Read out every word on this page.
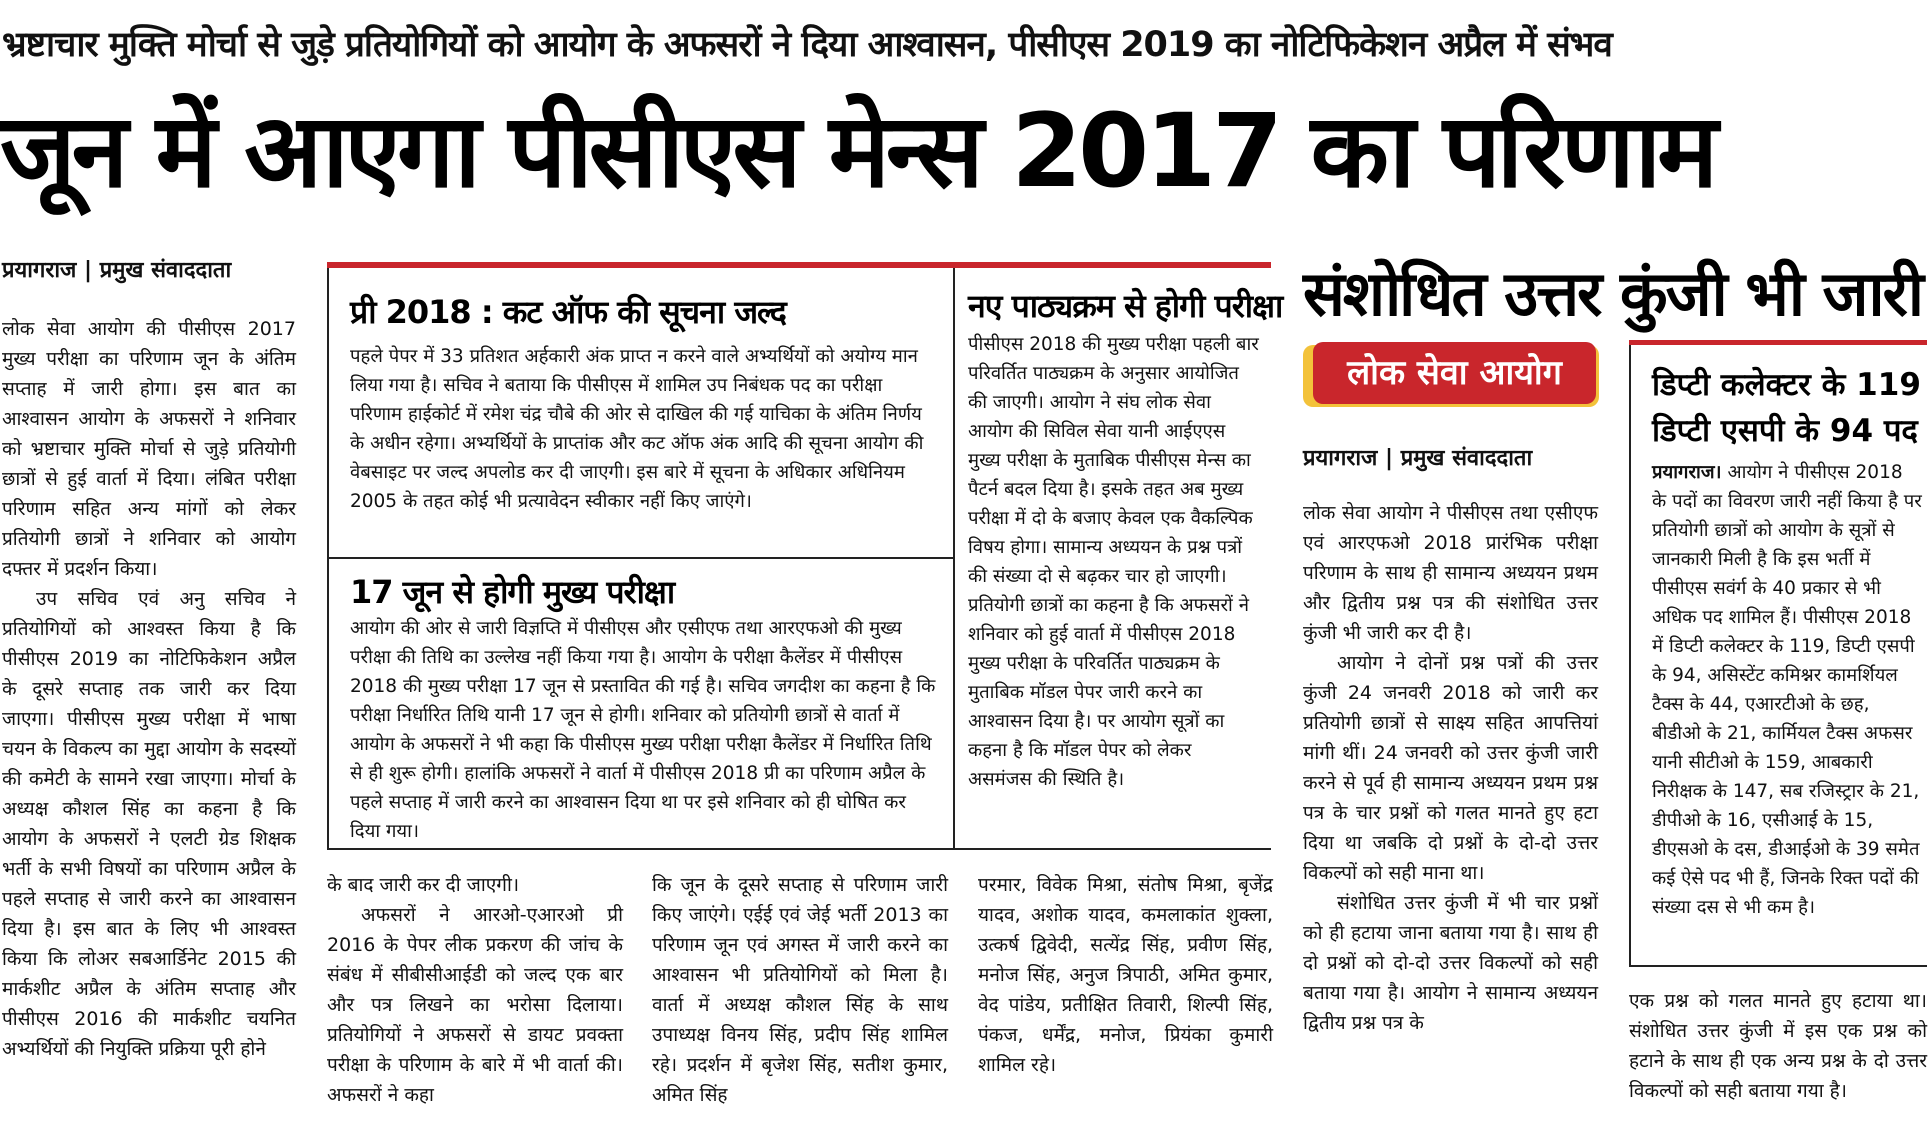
भ्रष्टाचार मुक्ति मोर्चा से जुड़े प्रतियोगियों को आयोग के अफसरों ने दिया आश्वासन, पीसीएस 2019 का नोटिफिकेशन अप्रैल में संभव
जून में आएगा पीसीएस मेन्स 2017 का परिणाम
प्रयागराज | प्रमुख संवाददाता

लोक सेवा आयोग की पीसीएस 2017 मुख्य परीक्षा का परिणाम जून के अंतिम सप्ताह में जारी होगा। इस बात का आश्वासन आयोग के अफसरों ने शनिवार को भ्रष्टाचार मुक्ति मोर्चा से जुड़े प्रतियोगी छात्रों से हुई वार्ता में दिया। लंबित परीक्षा परिणाम सहित अन्य मांगों को लेकर प्रतियोगी छात्रों ने शनिवार को आयोग दफ्तर में प्रदर्शन किया।

उप सचिव एवं अनु सचिव ने प्रतियोगियों को आश्वस्त किया है कि पीसीएस 2019 का नोटिफिकेशन अप्रैल के दूसरे सप्ताह तक जारी कर दिया जाएगा। पीसीएस मुख्य परीक्षा में भाषा चयन के विकल्प का मुद्दा आयोग के सदस्यों की कमेटी के सामने रखा जाएगा। मोर्चा के अध्यक्ष कौशल सिंह का कहना है कि आयोग के अफसरों ने एलटी ग्रेड शिक्षक भर्ती के सभी विषयों का परिणाम अप्रैल के पहले सप्ताह से जारी करने का आश्वासन दिया है। इस बात के लिए भी आश्वस्त किया कि लोअर सबआर्डिनेट 2015 की मार्कशीट अप्रैल के अंतिम सप्ताह और पीसीएस 2016 की मार्कशीट चयनित अभ्यर्थियों की नियुक्ति प्रक्रिया पूरी होने

प्री 2018 : कट ऑफ की सूचना जल्द
पहले पेपर में 33 प्रतिशत अर्हकारी अंक प्राप्त न करने वाले अभ्यर्थियों को अयोग्य मान लिया गया है। सचिव ने बताया कि पीसीएस में शामिल उप निबंधक पद का परीक्षा परिणाम हाईकोर्ट में रमेश चंद्र चौबे की ओर से दाखिल की गई याचिका के अंतिम निर्णय के अधीन रहेगा। अभ्यर्थियों के प्राप्तांक और कट ऑफ अंक आदि की सूचना आयोग की वेबसाइट पर जल्द अपलोड कर दी जाएगी। इस बारे में सूचना के अधिकार अधिनियम 2005 के तहत कोई भी प्रत्यावेदन स्वीकार नहीं किए जाएंगे।
17 जून से होगी मुख्य परीक्षा
आयोग की ओर से जारी विज्ञप्ति में पीसीएस और एसीएफ तथा आरएफओ की मुख्य परीक्षा की तिथि का उल्लेख नहीं किया गया है। आयोग के परीक्षा कैलेंडर में पीसीएस 2018 की मुख्य परीक्षा 17 जून से प्रस्तावित की गई है। सचिव जगदीश का कहना है कि परीक्षा निर्धारित तिथि यानी 17 जून से होगी। शनिवार को प्रतियोगी छात्रों से वार्ता में आयोग के अफसरों ने भी कहा कि पीसीएस मुख्य परीक्षा परीक्षा कैलेंडर में निर्धारित तिथि से ही शुरू होगी। हालांकि अफसरों ने वार्ता में पीसीएस 2018 प्री का परिणाम अप्रैल के पहले सप्ताह में जारी करने का आश्वासन दिया था पर इसे शनिवार को ही घोषित कर दिया गया।
नए पाठ्यक्रम से होगी परीक्षा
पीसीएस 2018 की मुख्य परीक्षा पहली बार परिवर्तित पाठ्यक्रम के अनुसार आयोजित की जाएगी। आयोग ने संघ लोक सेवा आयोग की सिविल सेवा यानी आईएएस मुख्य परीक्षा के मुताबिक पीसीएस मेन्स का पैटर्न बदल दिया है। इसके तहत अब मुख्य परीक्षा में दो के बजाए केवल एक वैकल्पिक विषय होगा। सामान्य अध्ययन के प्रश्न पत्रों की संख्या दो से बढ़कर चार हो जाएगी। प्रतियोगी छात्रों का कहना है कि अफसरों ने शनिवार को हुई वार्ता में पीसीएस 2018 मुख्य परीक्षा के परिवर्तित पाठ्यक्रम के मुताबिक मॉडल पेपर जारी करने का आश्वासन दिया है। पर आयोग सूत्रों का कहना है कि मॉडल पेपर को लेकर असमंजस की स्थिति है।

के बाद जारी कर दी जाएगी।

अफसरों ने आरओ-एआरओ प्री 2016 के पेपर लीक प्रकरण की जांच के संबंध में सीबीसीआईडी को जल्द एक बार और पत्र लिखने का भरोसा दिलाया। प्रतियोगियों ने अफसरों से डायट प्रवक्ता परीक्षा के परिणाम के बारे में भी वार्ता की। अफसरों ने कहा

कि जून के दूसरे सप्ताह से परिणाम जारी किए जाएंगे। एईई एवं जेई भर्ती 2013 का परिणाम जून एवं अगस्त में जारी करने का आश्वासन भी प्रतियोगियों को मिला है। वार्ता में अध्यक्ष कौशल सिंह के साथ उपाध्यक्ष विनय सिंह, प्रदीप सिंह शामिल रहे। प्रदर्शन में बृजेश सिंह, सतीश कुमार, अमित सिंह

परमार, विवेक मिश्रा, संतोष मिश्रा, बृजेंद्र यादव, अशोक यादव, कमलाकांत शुक्ला, उत्कर्ष द्विवेदी, सत्येंद्र सिंह, प्रवीण सिंह, मनोज सिंह, अनुज त्रिपाठी, अमित कुमार, वेद पांडेय, प्रतीक्षित तिवारी, शिल्पी सिंह, पंकज, धर्मेंद्र, मनोज, प्रियंका कुमारी शामिल रहे।

संशोधित उत्तर कुंजी भी जारी
लोक सेवा आयोग
प्रयागराज | प्रमुख संवाददाता

लोक सेवा आयोग ने पीसीएस तथा एसीएफ एवं आरएफओ 2018 प्रारंभिक परीक्षा परिणाम के साथ ही सामान्य अध्ययन प्रथम और द्वितीय प्रश्न पत्र की संशोधित उत्तर कुंजी भी जारी कर दी है।

आयोग ने दोनों प्रश्न पत्रों की उत्तर कुंजी 24 जनवरी 2018 को जारी कर प्रतियोगी छात्रों से साक्ष्य सहित आपत्तियां मांगी थीं। 24 जनवरी को उत्तर कुंजी जारी करने से पूर्व ही सामान्य अध्ययन प्रथम प्रश्न पत्र के चार प्रश्नों को गलत मानते हुए हटा दिया था जबकि दो प्रश्नों के दो-दो उत्तर विकल्पों को सही माना था।

संशोधित उत्तर कुंजी में भी चार प्रश्नों को ही हटाया जाना बताया गया है। साथ ही दो प्रश्नों को दो-दो उत्तर विकल्पों को सही बताया गया है। आयोग ने सामान्य अध्ययन द्वितीय प्रश्न पत्र के

डिप्टी कलेक्टर के 119 डिप्टी एसपी के 94 पद
प्रयागराज। आयोग ने पीसीएस 2018 के पदों का विवरण जारी नहीं किया है पर प्रतियोगी छात्रों को आयोग के सूत्रों से जानकारी मिली है कि इस भर्ती में पीसीएस सवंर्ग के 40 प्रकार से भी अधिक पद शामिल हैं। पीसीएस 2018 में डिप्टी कलेक्टर के 119, डिप्टी एसपी के 94, असिस्टेंट कमिश्नर कामर्शियल टैक्स के 44, एआरटीओ के छह, बीडीओ के 21, कार्मियल टैक्स अफसर यानी सीटीओ के 159, आबकारी निरीक्षक के 147, सब रजिस्ट्रार के 21, डीपीओ के 16, एसीआई के 15, डीएसओ के दस, डीआईओ के 39 समेत कई ऐसे पद भी हैं, जिनके रिक्त पदों की संख्या दस से भी कम है।
एक प्रश्न को गलत मानते हुए हटाया था। संशोधित उत्तर कुंजी में इस एक प्रश्न को हटाने के साथ ही एक अन्य प्रश्न के दो उत्तर विकल्पों को सही बताया गया है।
